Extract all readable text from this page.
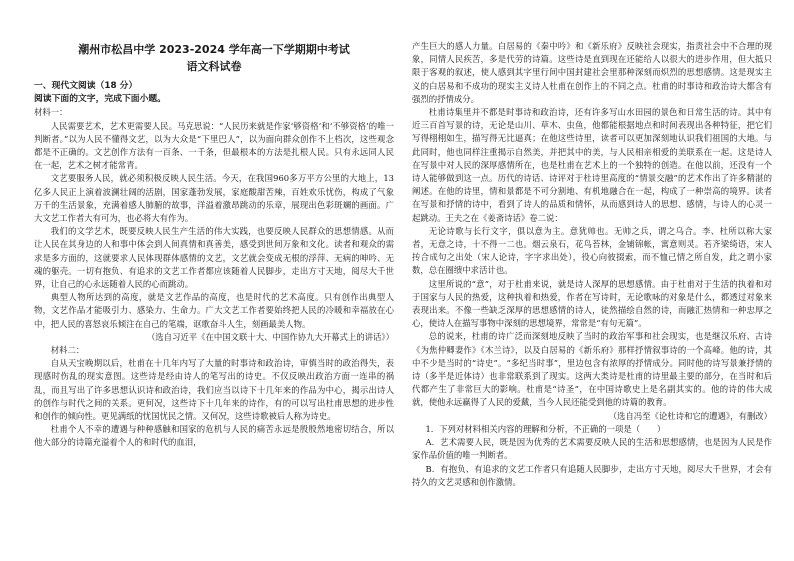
潮州市松昌中学 2023-2024 学年高一下学期期中考试
语文科试卷
一、现代文阅读（18 分）
阅读下面的文字，完成下面小题。

材料一：

人民需要艺术，艺术更需要人民。马克思说：“人民历来就是作家‘够资格’和‘不够资格’的唯一判断者。”以为人民不懂得文艺，以为大众是“下里巴人”，以为面向群众创作不上档次，这些观念都是不正确的。文艺创作方法有一百条、一千条，但最根本的方法是扎根人民。只有永远同人民在一起，艺术之树才能常青。

文艺要服务人民，就必须积极反映人民生活。今天，在我国960多万平方公里的大地上，13亿多人民正上演着波澜壮阔的活剧，国家蓬勃发展，家庭酸甜苦辣，百姓欢乐忧伤，构成了气象万千的生活景象，充满着感人肺腑的故事，洋溢着激昂跳动的乐章，展现出色彩斑斓的画面。广大文艺工作者大有可为，也必将大有作为。

我们的文学艺术，既要反映人民生产生活的伟大实践，也要反映人民群众的思想情感。从而让人民在其身边的人和事中体会到人间真情和真善美，感受到世间万象和文化。读者和观众的需求是多方面的，这就要求人民体现群体感情的文艺，文艺就会变成无根的浮萍、无病的呻吟、无魂的躯壳。一切有抱负、有追求的文艺工作者都应该随着人民脚步，走出方寸天地，阅尽大千世界，让自己的心永远随着人民的心而跳动。

典型人物所达到的高度，就是文艺作品的高度，也是时代的艺术高度。只有创作出典型人物，文艺作品才能吸引力、感染力、生命力。广大文艺工作者要始终把人民的冷暖和幸福放在心中，把人民的喜怒哀乐倾注在自己的笔端，讴歌奋斗人生，刻画最美人物。

（选自习近平《在中国文联十大、中国作协九大开幕式上的讲话》）

材料二：

自从天宝晚期以后，杜甫在十几年内写了大量的时事诗和政治诗，审慎当时的政治得失，表现感时伤乱的现实意图。这些诗是经由诗人的笔写出的诗史。不仅反映出政治方面一连串的祸乱，而且写出了许多思想认识诗和政治诗，我们应当以诗下十几年来的作品为中心，揭示出诗人的创作与时代之间的关系。更何况，这些诗下十几年来的诗作，有的可以写出杜甫思想的进步性和创作的倾向性。更见满纸的忧国忧民之情。又何况，这些诗歌被后人称为诗史。

杜甫个人不幸的遭遇与种种感触和国家的危机与人民的痛苦永远是殷殷然地密切结合，所以他大部分的诗篇充溢着个人的和时代的血泪，

产生巨大的感人力量。白居易的《秦中吟》和《新乐府》反映社会现实，指责社会中不合理的现象，同情人民疾苦，多是代劳的诗篇。这些诗是直到现在还能给人以很大的进步作用，但大抵只限于客观的叙述，使人感到其字里行间中国封建社会里那种深刻而炽烈的思想感情。这是现实主义的白居易和不成功的现实主义诗人杜甫在创作上的不同之点。杜甫的时事诗和政治诗大都含有强烈的抒情成分。

杜甫诗集里并不都是时事诗和政治诗，还有许多写山水田园的景色和日常生活的诗。其中有近三百首写景的诗，无论是山川、草木、虫鱼，他都能根据地点和时间表现出各种特征，把它们写得栩栩如生，描写得无比逼真；在他这些诗里，读者可以更加深刻地认识我们祖国的大地。与此同时，他也同样注重揭示自然美，并把其中的美，与人民相亲相爱的美联系在一起。这是诗人在写景中对人民的深厚感情所在，也是杜甫在艺术上的一个独特的创造。在他以前，还没有一个诗人能够做到这一点。历代的诗话、诗评对于杜诗里高度的“情景交融”的艺术作出了许多精湛的阐述。在他的诗里，情和景都是不可分割地、有机地融合在一起，构成了一种崇高的境界。读者在写景和抒情的诗中，看到了诗人的品质和情怀，从而感到诗人的思想、感情，与诗人的心灵一起跳动。王夫之在《姜斋诗话》卷二说：

无论诗歌与长行文字，俱以意为主。意犹帅也。无帅之兵，谓之乌合。李、杜所以称大家者，无意之诗，十不得一二也。烟云泉石，花鸟苔林，金铺锦帐，寓意则灵。若齐梁绮语，宋人抟合成句之出处（宋人论诗，字字求出处），役心向彼掇索，而不恤己情之所自发，此之谓小家数，总在圈缋中求活计也。

这里所说的“意”，对于杜甫来说，就是诗人深厚的思想感情。由于杜甫对于生活的执着和对于国家与人民的热爱，这种执着和热爱，作者在写诗时，无论歌咏的对象是什么，都透过对象来表现出来。不像一些缺乏深厚的思想感情的诗人，徒然描绘自然的诗，而融汇热情和一种忠厚之心，使诗人在描写事物中深刻的思想境界，常常是“有句无篇”。

总的说来，杜甫的诗广泛而深刻地反映了当时的政治军事和社会现实，也是继汉乐府、古诗《为焦仲卿妻作》《木兰诗》，以及白居易的《新乐府》那样抒情叙事诗的一个高峰。他的诗，其中不少是当时的“诗史”。“多纪当时事”，里边包含有浓厚的抒情成分。同时他的诗写景兼抒情的诗（多半是近体诗）也非常联系到了现实。这两大类诗是杜甫的诗里最主要的部分，在当时和后代都产生了非常巨大的影响。杜甫是“诗圣”，在中国诗歌史上是名副其实的。他的诗的伟大成就，使他永远赢得了人民的爱戴，当今人民还能受到他的诗篇的教育。

（选自冯至《论杜诗和它的遭遇》，有删改）

1．下列对材料相关内容的理解和分析，不正确的一项是（　　）

A．艺术需要人民，既是因为优秀的艺术需要反映人民的生活和思想感情，也是因为人民是作家作品价值的唯一判断者。

B．有抱负、有追求的文艺工作者只有追随人民脚步，走出方寸天地，阅尽大千世界，才会有持久的文艺灵感和创作激情。
